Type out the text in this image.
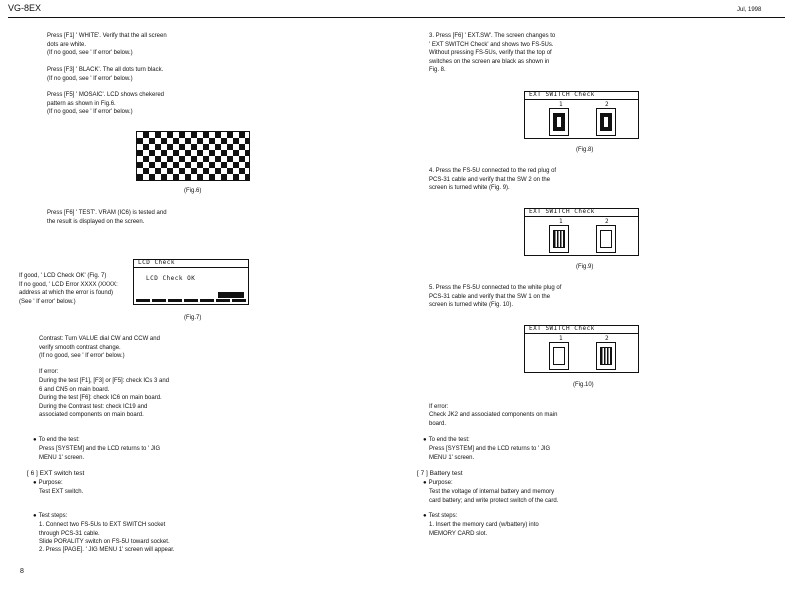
VG-8EX	Jul, 1998
Press [F1] ' WHITE'. Verify that the all screen
dots are white.
(If no good, see ' If error' below.)
Press [F3] ' BLACK'. The all dots turn black.
(If no good, see ' If error' below.)
Press [F5] ' MOSAIC'. LCD shows chekered
pattern as shown in Fig.6.
(If no good, see ' If error' below.)
(Fig.6)
Press [F6] ' TEST'. VRAM (IC6) is tested and
the result is displayed on the screen.
If good, ' LCD Check OK' (Fig. 7)
If no good, ' LCD Error XXXX (XXXX:
address at which the error is found)
(See ' If error' below.)
LCD Check
LCD Check OK
(Fig.7)
Contrast: Turn VALUE dial CW and CCW and
verify smooth contrast change.
(If no good, see ' If error' below.)
If error:
During the test [F1], [F3] or [F5]: check ICs 3 and
6 and CN5 on main board.
During the test [F6]: check IC6 on main board.
During the Contrast test: check IC19 and
associated components on main board.
● To end the test:
Press [SYSTEM] and the LCD returns to ' JIG
MENU 1' screen.
[ 6 ] EXT switch test
● Purpose:
Test EXT switch.
● Test steps:
1. Connect two FS-5Us to EXT SWITCH socket
through PCS-31 cable.
Slide PORALITY switch on FS-5U toward socket.
2. Press [PAGE]. ' JIG MENU 1' screen will appear.
8
3. Press [F6] ' EXT.SW'. The screen changes to
' EXT SWITCH Check' and shows two FS-5Us.
Without pressing FS-5Us, verify that the top of
switches on the screen are black as shown in
Fig. 8.
EXT SWITCH Check
1	2
(Fig.8)
4. Press the FS-5U connected to the red plug of
PCS-31 cable and verify that the SW 2 on the
screen is turned white (Fig. 9).
EXT SWITCH Check
1	2
(Fig.9)
5. Press the FS-5U connected to the white plug of
PCS-31 cable and verify that the SW 1 on the
screen is turned white (Fig. 10).
EXT SWITCH Check
1	2
(Fig.10)
If error:
Check JK2 and associated components on main
board.
● To end the test:
Press [SYSTEM] and the LCD returns to ' JIG
MENU 1' screen.
[ 7 ] Battery test
● Purpose:
Test the voltage of internal battery and memory
card battery; and write protect switch of the card.
● Test steps:
1. Insert the memory card (w/battery) into
MEMORY CARD slot.
